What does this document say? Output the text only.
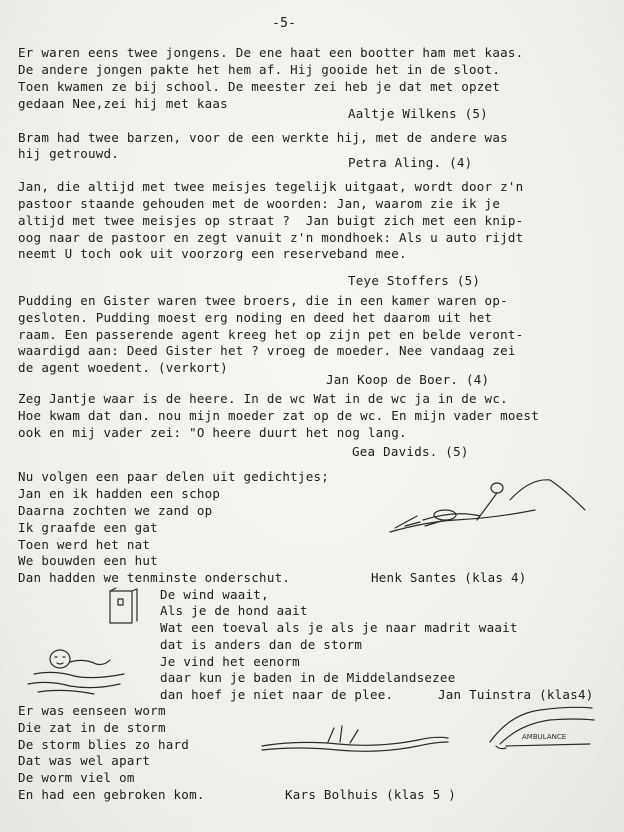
-5-
Er waren eens twee jongens. De ene haat een bootter ham met kaas.
De andere jongen pakte het hem af. Hij gooide het in de sloot.
Toen kwamen ze bij school. De meester zei heb je dat met opzet
gedaan Nee,zei hij met kaas
Aaltje Wilkens (5)
Bram had twee barzen, voor de een werkte hij, met de andere was
hij getrouwd.
Petra Aling. (4)
Jan, die altijd met twee meisjes tegelijk uitgaat, wordt door z'n
pastoor staande gehouden met de woorden: Jan, waarom zie ik je
altijd met twee meisjes op straat ?  Jan buigt zich met een knip-
oog naar de pastoor en zegt vanuit z'n mondhoek: Als u auto rijdt
neemt U toch ook uit voorzorg een reserveband mee.
Teye Stoffers (5)
Pudding en Gister waren twee broers, die in een kamer waren op-
gesloten. Pudding moest erg noding en deed het daarom uit het
raam. Een passerende agent kreeg het op zijn pet en belde veront-
waardigd aan: Deed Gister het ? vroeg de moeder. Nee vandaag zei
de agent woedent. (verkort)
Jan Koop de Boer. (4)
Zeg Jantje waar is de heere. In de wc Wat in de wc ja in de wc.
Hoe kwam dat dan. nou mijn moeder zat op de wc. En mijn vader moest
ook en mij vader zei: "O heere duurt het nog lang.
Gea Davids. (5)
Nu volgen een paar delen uit gedichtjes;
Jan en ik hadden een schop
Daarna zochten we zand op
Ik graafde een gat
Toen werd het nat
We bouwden een hut
Dan hadden we tenminste onderschut.	Henk Santes (klas 4)
De wind waait,
Als je de hond aait
Wat een toeval als je als je naar madrit waait
dat is anders dan de storm
Je vind het eenorm
daar kun je baden in de Middelandsezee
dan hoef je niet naar de plee.	Jan Tuinstra (klas4)
Er was eenseen worm
Die zat in de storm
De storm blies zo hard
Dat was wel apart
De worm viel om
En had een gebroken kom.	Kars Bolhuis (klas 5 )
AMBULANCE
